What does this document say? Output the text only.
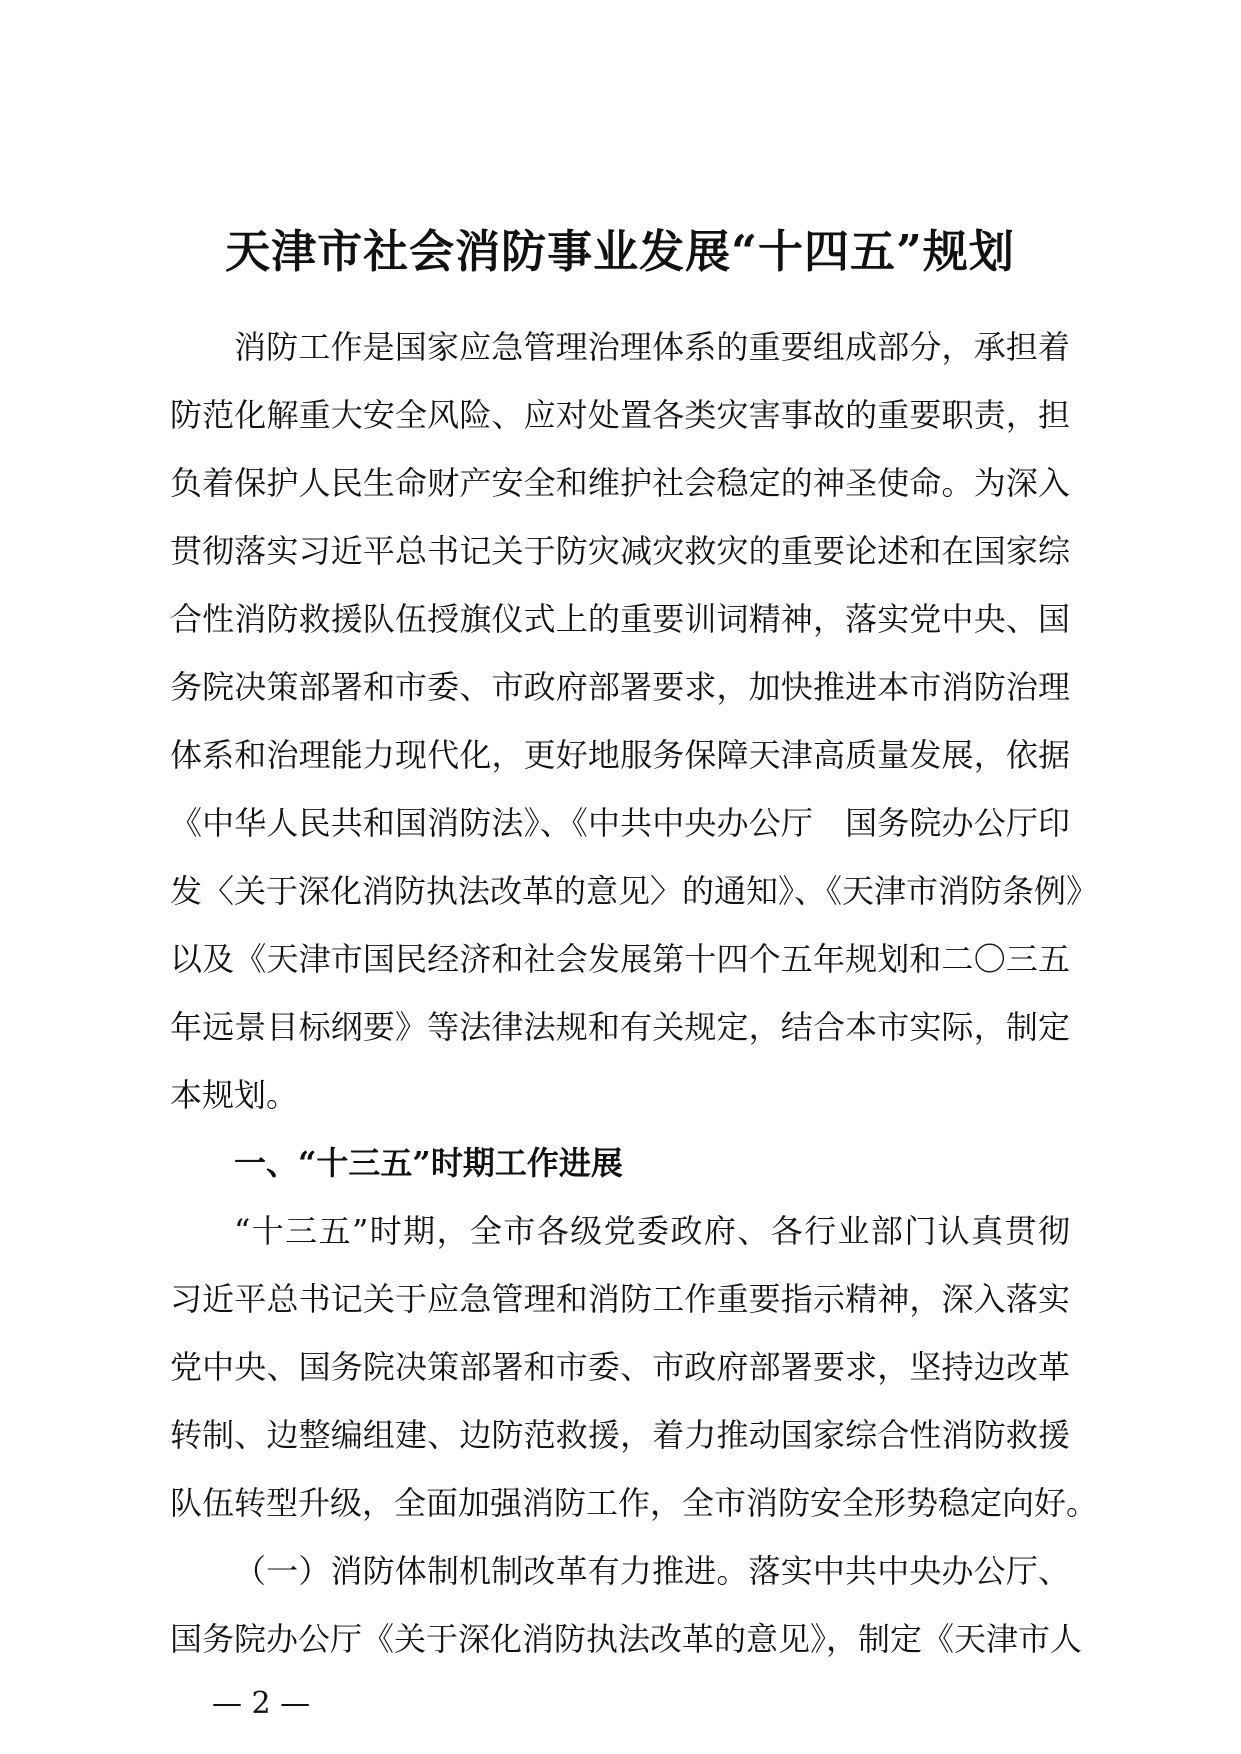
天津市社会消防事业发展“十四五”规划
消防工作是国家应急管理治理体系的重要组成部分，承担着
防范化解重大安全风险、应对处置各类灾害事故的重要职责，担
负着保护人民生命财产安全和维护社会稳定的神圣使命。为深入
贯彻落实习近平总书记关于防灾减灾救灾的重要论述和在国家综
合性消防救援队伍授旗仪式上的重要训词精神，落实党中央、国
务院决策部署和市委、市政府部署要求，加快推进本市消防治理
体系和治理能力现代化，更好地服务保障天津高质量发展，依据
《中华人民共和国消防法》、《中共中央办公厅　国务院办公厅印
发〈关于深化消防执法改革的意见〉的通知》、《天津市消防条例》
以及《天津市国民经济和社会发展第十四个五年规划和二〇三五
年远景目标纲要》等法律法规和有关规定，结合本市实际，制定
本规划。
一、“十三五”时期工作进展
“十三五”时期，全市各级党委政府、各行业部门认真贯彻
习近平总书记关于应急管理和消防工作重要指示精神，深入落实
党中央、国务院决策部署和市委、市政府部署要求，坚持边改革
转制、边整编组建、边防范救援，着力推动国家综合性消防救援
队伍转型升级，全面加强消防工作，全市消防安全形势稳定向好。
（一）消防体制机制改革有力推进。落实中共中央办公厅、
国务院办公厅《关于深化消防执法改革的意见》，制定《天津市人
— 2 —
